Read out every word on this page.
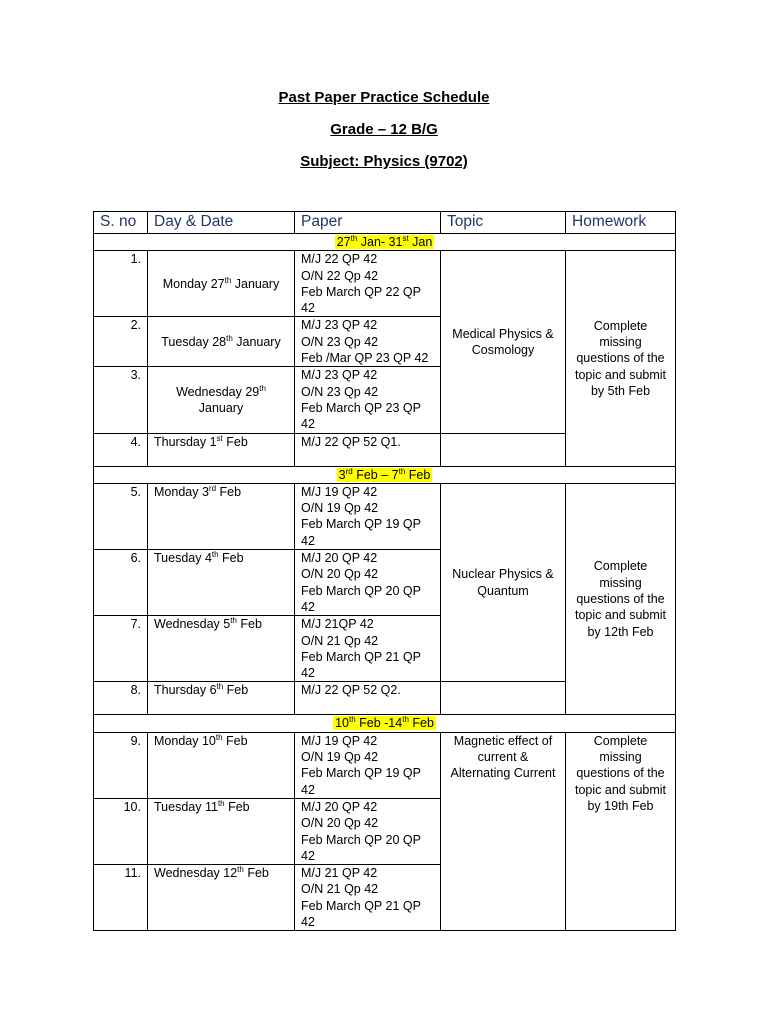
Past Paper Practice Schedule
Grade – 12 B/G
Subject: Physics (9702)
S. no	Day & Date	Paper	Topic	Homework
27th Jan- 31st Jan				
1.	Monday 27th January	M/J 22 QP 42
O/N 22 Qp 42
Feb March QP 22 QP 42	Medical Physics & Cosmology	Complete missing questions of the topic and submit by 5th Feb
2.	Tuesday 28th January	M/J 23 QP 42
O/N 23 Qp 42
Feb /Mar QP 23 QP 42		

3.	Wednesday 29th January	M/J 23 QP 42
O/N 23 Qp 42
Feb March QP 23 QP 42		

4.	Thursday 1st Feb	M/J 22 QP 52 Q1.		

3rd Feb – 7th Feb				
5.	Monday 3rd Feb	M/J 19 QP 42
O/N 19 Qp 42
Feb March QP 19 QP 42	Nuclear Physics & Quantum	Complete missing questions of the topic and submit by 12th Feb
6.	Tuesday 4th Feb	M/J 20 QP 42
O/N 20 Qp 42
Feb March QP 20 QP 42		

7.	Wednesday 5th Feb	M/J 21QP 42
O/N 21 Qp 42
Feb March QP 21 QP 42		

8.	Thursday 6th Feb	M/J 22 QP 52 Q2.		

10th Feb -14th Feb				
9.	Monday 10th Feb	M/J 19 QP 42
O/N 19 Qp 42
Feb March QP 19 QP 42	Magnetic effect of current & Alternating Current	Complete missing questions of the topic and submit by 19th Feb
10.	Tuesday 11th Feb	M/J 20 QP 42
O/N 20 Qp 42
Feb March QP 20 QP 42		

11.	Wednesday 12th Feb	M/J 21 QP 42
O/N 21 Qp 42
Feb March QP 21 QP 42		
